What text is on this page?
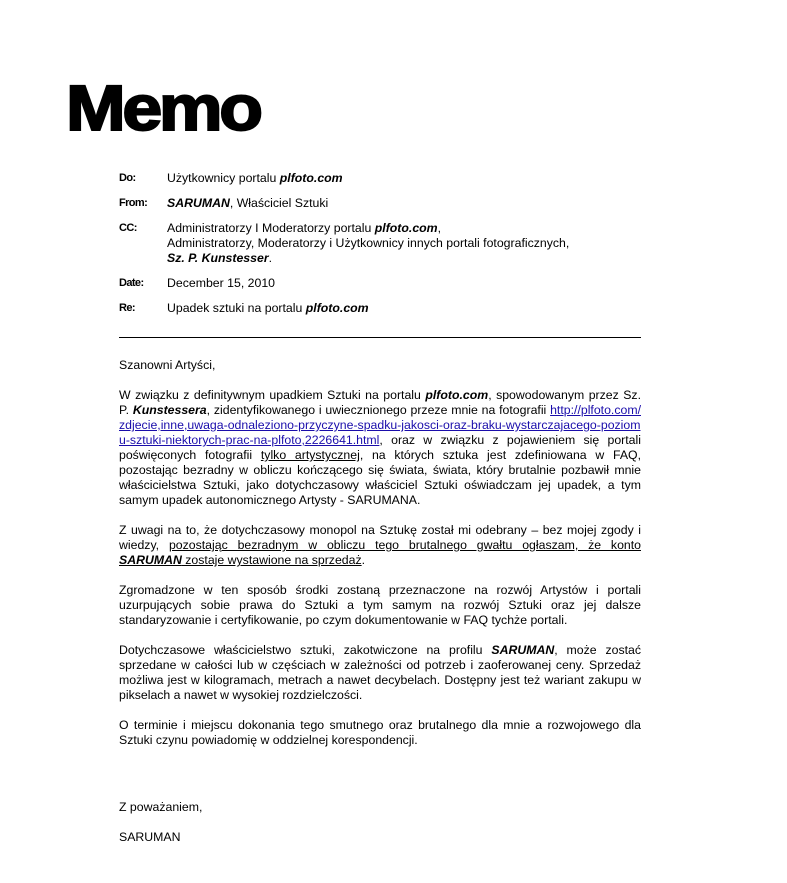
Memo
Do:	Użytkownicy portalu plfoto.com
From:	SARUMAN, Właściciel Sztuki
CC:	Administratorzy I Moderatorzy portalu plfoto.com,
Administratorzy, Moderatorzy i Użytkownicy innych portali fotograficznych,
Sz. P. Kunstesser.
Date:	December 15, 2010
Re:	Upadek sztuki na portalu plfoto.com

Szanowni Artyści,

W związku z definitywnym upadkiem Sztuki na portalu plfoto.com, spowodowanym przez Sz. P. Kunstessera, zidentyfikowanego i uwiecznionego przeze mnie na fotografii http://plfoto.com/zdjecie,inne,uwaga-odnaleziono-przyczyne-spadku-jakosci-oraz-braku-wystarczajacego-poziomu-sztuki-niektorych-prac-na-plfoto,2226641.html, oraz w związku z pojawieniem się portali poświęconych fotografii tylko artystycznej, na których sztuka jest zdefiniowana w FAQ, pozostając bezradny w obliczu kończącego się świata, świata, który brutalnie pozbawił mnie właścicielstwa Sztuki, jako dotychczasowy właściciel Sztuki oświadczam jej upadek, a tym samym upadek autonomicznego Artysty - SARUMANA.

Z uwagi na to, że dotychczasowy monopol na Sztukę został mi odebrany – bez mojej zgody i wiedzy, pozostając bezradnym w obliczu tego brutalnego gwałtu ogłaszam, że konto SARUMAN zostaje wystawione na sprzedaż.

Zgromadzone w ten sposób środki zostaną przeznaczone na rozwój Artystów i portali uzurpujących sobie prawa do Sztuki a tym samym na rozwój Sztuki oraz jej dalsze standaryzowanie i certyfikowanie, po czym dokumentowanie w FAQ tychże portali.

Dotychczasowe właścicielstwo sztuki, zakotwiczone na profilu SARUMAN, może zostać sprzedane w całości lub w częściach w zależności od potrzeb i zaoferowanej ceny. Sprzedaż możliwa jest w kilogramach, metrach a nawet decybelach. Dostępny jest też wariant zakupu w pikselach a nawet w wysokiej rozdzielczości.

O terminie i miejscu dokonania tego smutnego oraz brutalnego dla mnie a rozwojowego dla Sztuki czynu powiadomię w oddzielnej korespondencji.

Z poważaniem,
SARUMAN
